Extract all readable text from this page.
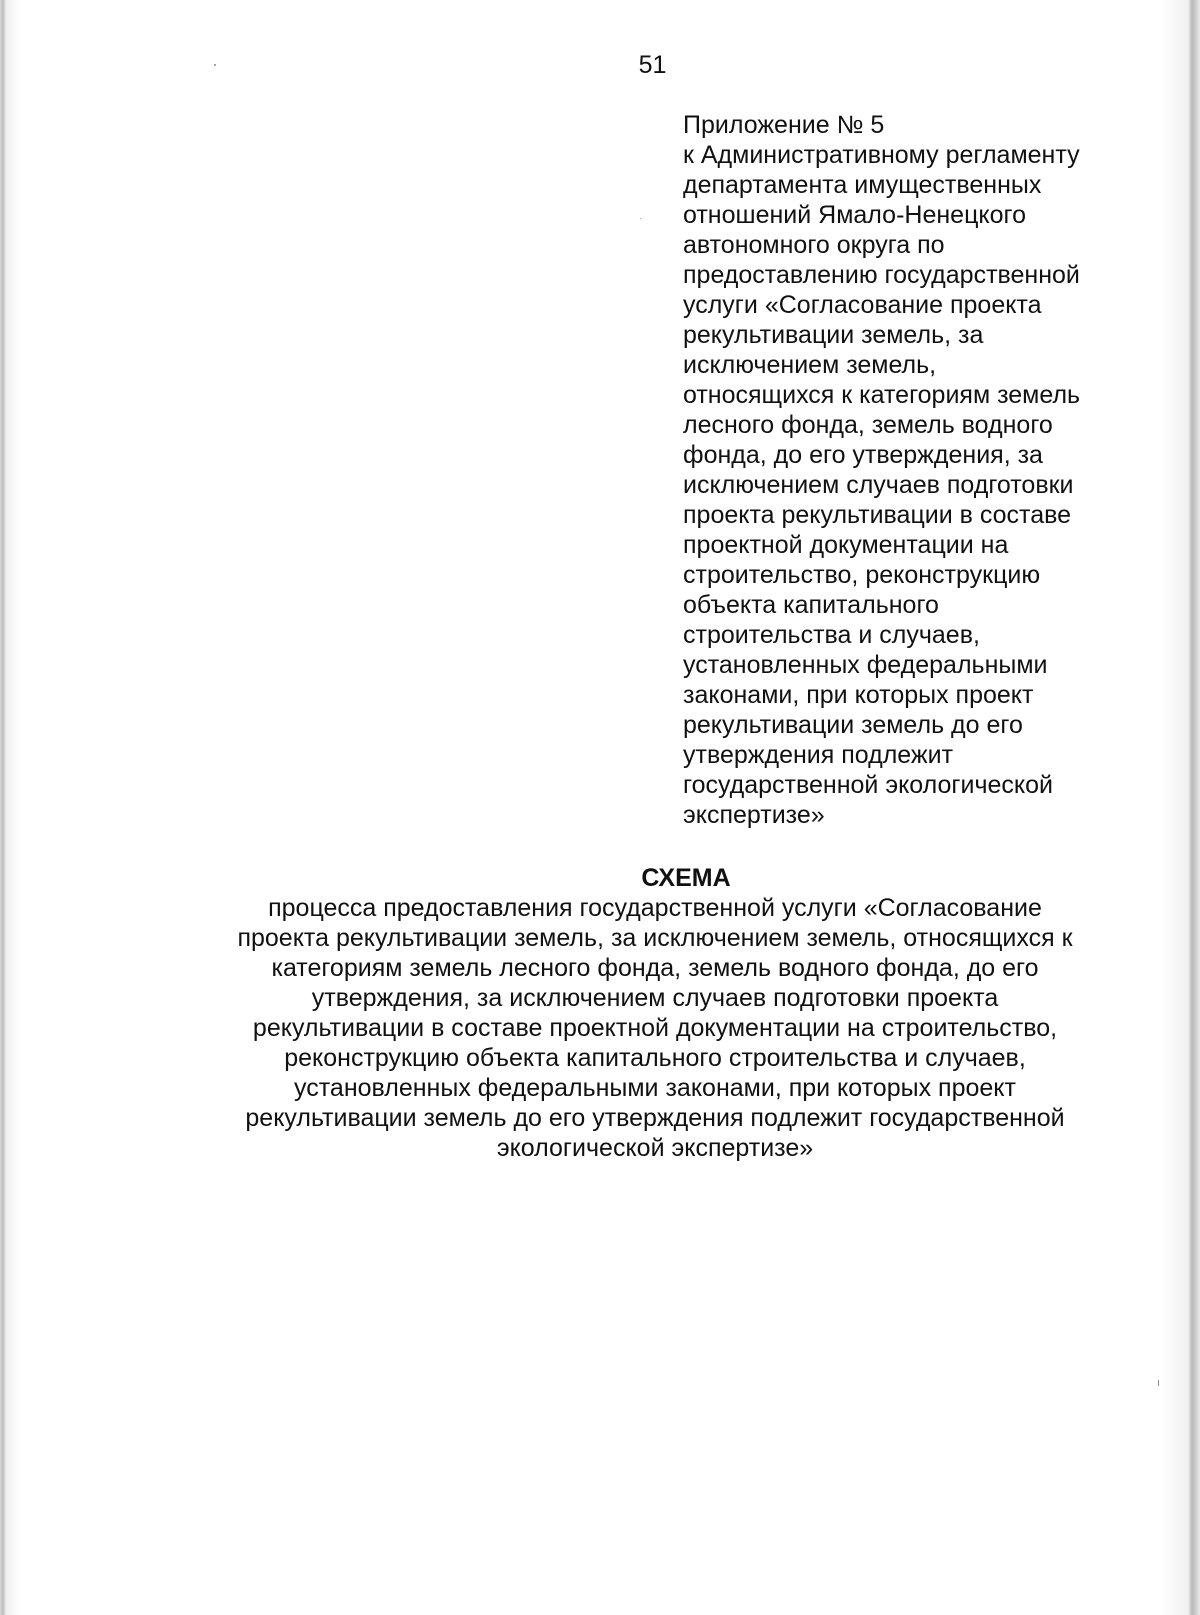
51
Приложение № 5
к Административному регламенту
департамента имущественных
отношений Ямало-Ненецкого
автономного округа по
предоставлению государственной
услуги «Согласование проекта
рекультивации земель, за
исключением земель,
относящихся к категориям земель
лесного фонда, земель водного
фонда, до его утверждения, за
исключением случаев подготовки
проекта рекультивации в составе
проектной документации на
строительство, реконструкцию
объекта капитального
строительства и случаев,
установленных федеральными
законами, при которых проект
рекультивации земель до его
утверждения подлежит
государственной экологической
экспертизе»
СХЕМА
процесса предоставления государственной услуги «Согласование
проекта рекультивации земель, за исключением земель, относящихся к
категориям земель лесного фонда, земель водного фонда, до его
утверждения, за исключением случаев подготовки проекта
рекультивации в составе проектной документации на строительство,
реконструкцию объекта капитального строительства и случаев,
установленных федеральными законами, при которых проект
рекультивации земель до его утверждения подлежит государственной
экологической экспертизе»
